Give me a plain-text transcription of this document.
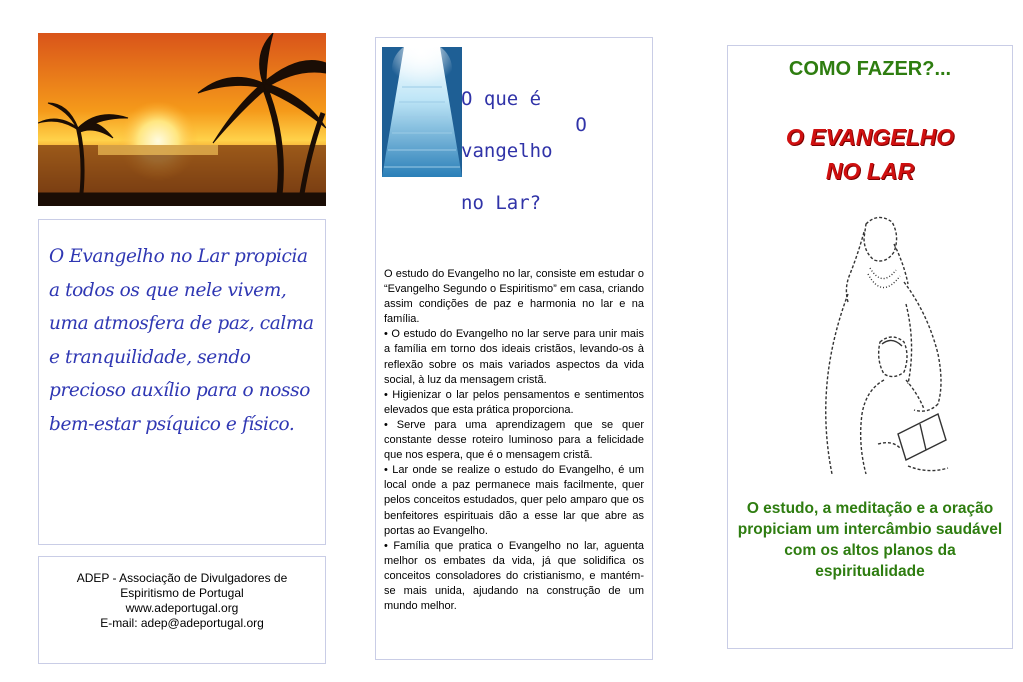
O Evangelho no Lar propicia a todos os que nele vivem, uma atmosfera de paz, calma e tranquilidade, sendo precioso auxílio para o nosso bem-estar psíquico e físico.

ADEP - Associação de Divulgadores de
Espiritismo de Portugal
www.adeportugal.org
E-mail: adep@adeportugal.org
O que é
O
vangelho

no Lar?

O estudo do Evangelho no lar, consiste em estudar o “Evangelho Segundo o Espiritismo” em casa, criando assim condições de paz e harmonia no lar e na família.

• O estudo do Evangelho no lar serve para unir mais a família em torno dos ideais cristãos, levando-os à reflexão sobre os mais variados aspectos da vida social, à luz da mensagem cristã.

• Higienizar o lar pelos pensamentos e sentimentos elevados que esta prática proporciona.

• Serve para uma aprendizagem que se quer constante desse roteiro luminoso para a felicidade que nos espera, que é o mensagem cristã.

• Lar onde se realize o estudo do Evangelho, é um local onde a paz permanece mais facilmente, quer pelos conceitos estudados, quer pelo amparo que os benfeitores espirituais dão a esse lar que abre as portas ao Evangelho.

• Família que pratica o Evangelho no lar, aguenta melhor os embates da vida, já que solidifica os conceitos consoladores do cristianismo, e mantém-se mais unida, ajudando na construção de um mundo melhor.

COMO FAZER?...
O EVANGELHO
NO LAR
O estudo, a meditação e a oração propiciam um intercâmbio saudável com os altos planos da espiritualidade
